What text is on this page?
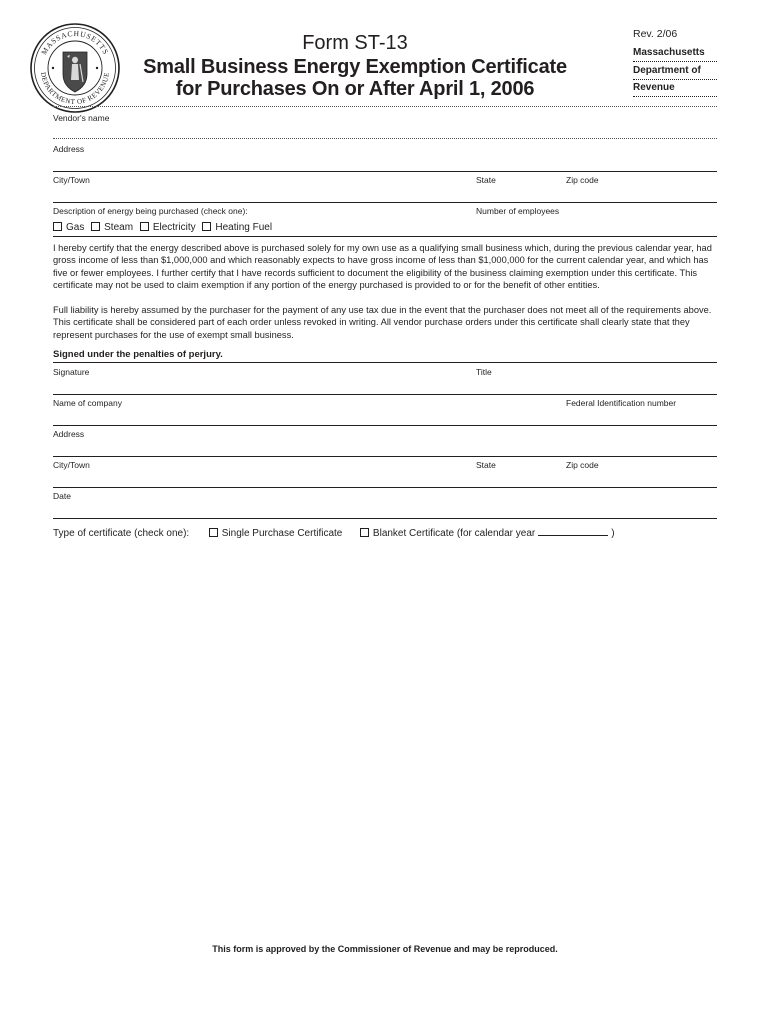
MASSACHUSETTS
DEPARTMENT OF REVENUE
Form ST-13
Small Business Energy Exemption Certificate
for Purchases On or After April 1, 2006
Rev. 2/06
Massachusetts
Department of
Revenue
Vendor's name
Address
City/Town	State	Zip code
Description of energy being purchased (check one):	Number of employees
Gas Steam Electricity Heating Fuel
I hereby certify that the energy described above is purchased solely for my own use as a qualifying small business which, during the previous calendar year, had gross income of less than $1,000,000 and which reasonably expects to have gross income of less than $1,000,000 for the current calendar year, and which has five or fewer employees. I further certify that I have records sufficient to document the eligibility of the business claiming exemption under this certificate. This certificate may not be used to claim exemption if any portion of the energy purchased is provided to or for the benefit of other entities.
Full liability is hereby assumed by the purchaser for the payment of any use tax due in the event that the purchaser does not meet all of the requirements above. This certificate shall be considered part of each order unless revoked in writing. All vendor purchase orders under this certificate shall clearly state that they represent purchases for the use of exempt small business.
Signed under the penalties of perjury.
Signature	Title
Name of company	Federal Identification number
Address
City/Town	State	Zip code
Date
Type of certificate (check one):	Single Purchase Certificate	Blanket Certificate (for calendar year	)
This form is approved by the Commissioner of Revenue and may be reproduced.
